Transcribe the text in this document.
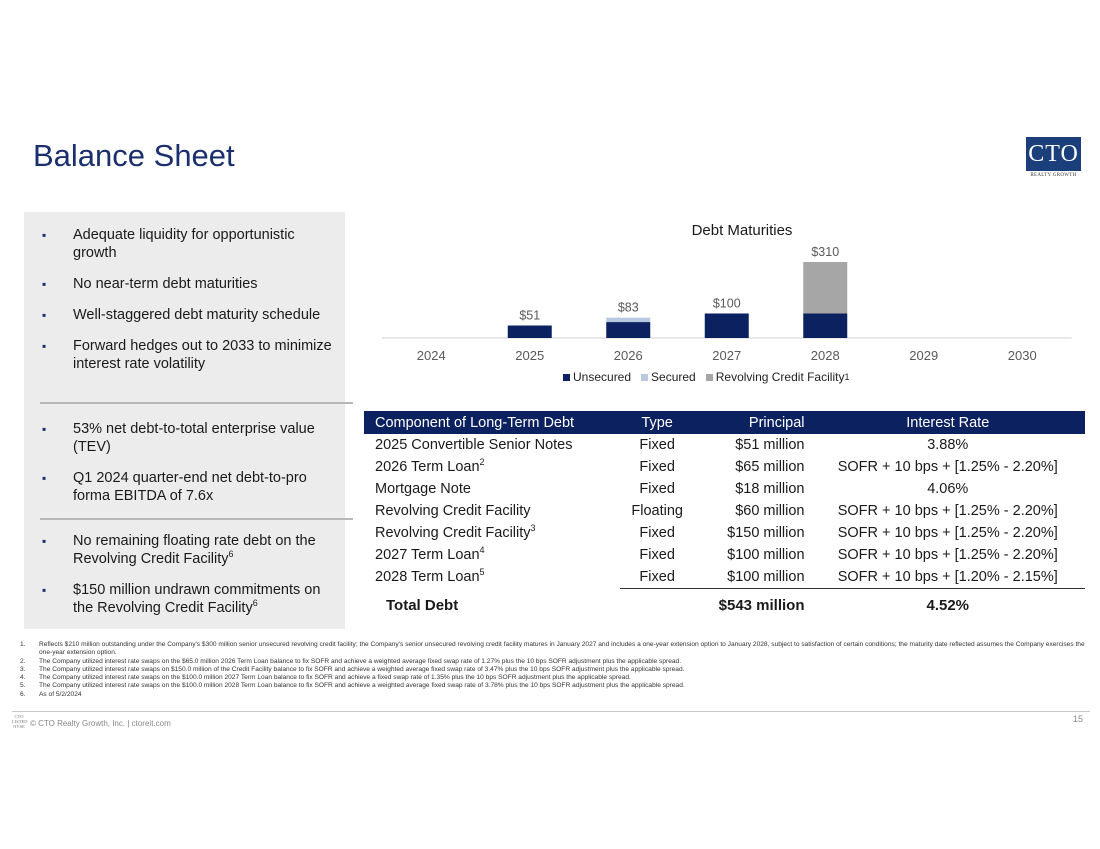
Balance Sheet	CTO
REALTY GROWTH
▪ Adequate liquidity for opportunistic growth
▪ No near-term debt maturities
▪ Well-staggered debt maturity schedule
▪ Forward hedges out to 2033 to minimize interest rate volatility
▪ 53% net debt-to-total enterprise value (TEV)
▪ Q1 2024 quarter-end net debt-to-pro forma EBITDA of 7.6x
▪ No remaining floating rate debt on the Revolving Credit Facility$^6$
▪ $150 million undrawn commitments on the Revolving Credit Facility$^6$
Debt Maturities
2024	2025
$51
2026
$83
2027
$100
2028
$310
2029	2030
Unsecured Secured Revolving Credit Facility 1
Component of Long-Term Debt	Type	Principal	Interest Rate
2025 Convertible Senior Notes	Fixed	$51 million	3.88%
2026 Term Loan$^2$	Fixed	$65 million	SOFR + 10 bps + [1.25% - 2.20%]
Mortgage Note	Fixed	$18 million	4.06%
Revolving Credit Facility	Floating	$60 million	SOFR + 10 bps + [1.25% - 2.20%]
Revolving Credit Facility$^3$	Fixed	$150 million	SOFR + 10 bps + [1.25% - 2.20%]
2027 Term Loan$^4$	Fixed	$100 million	SOFR + 10 bps + [1.25% - 2.20%]
2028 Term Loan$^5$	Fixed	$100 million	SOFR + 10 bps + [1.20% - 2.15%]
Total Debt		$543 million	4.52%
1.	Reflects $210 million outstanding under the Company's $300 million senior unsecured revolving credit facility; the Company's senior unsecured revolving credit facility matures in January 2027 and includes a one-year extension option to January 2028, subject to satisfaction of certain conditions; the maturity date reflected assumes the Company exercises the one-year extension option.
2.	The Company utilized interest rate swaps on the $65.0 million 2026 Term Loan balance to fix SOFR and achieve a weighted average fixed swap rate of 1.27% plus the 10 bps SOFR adjustment plus the applicable spread.
3.	The Company utilized interest rate swaps on $150.0 million of the Credit Facility balance to fix SOFR and achieve a weighted average fixed swap rate of 3.47% plus the 10 bps SOFR adjustment plus the applicable spread.
4.	The Company utilized interest rate swaps on the $100.0 million 2027 Term Loan balance to fix SOFR and achieve a fixed swap rate of 1.35% plus the 10 bps SOFR adjustment plus the applicable spread.
5.	The Company utilized interest rate swaps on the $100.0 million 2028 Term Loan balance to fix SOFR and achieve a weighted average fixed swap rate of 3.78% plus the 10 bps SOFR adjustment plus the applicable spread.
6.	As of 5/2/2024
CTO
LISTED
NYSE © CTO Realty Growth, Inc. | ctoreit.com	15
